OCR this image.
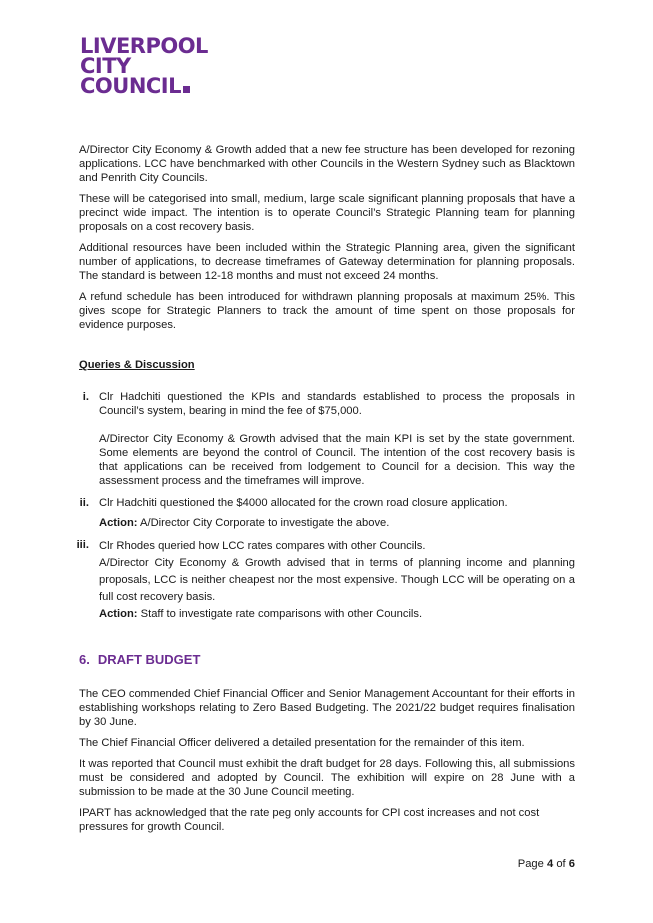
LIVERPOOL
CITY
COUNCIL

A/Director City Economy & Growth added that a new fee structure has been developed for rezoning applications. LCC have benchmarked with other Councils in the Western Sydney such as Blacktown and Penrith City Councils.

These will be categorised into small, medium, large scale significant planning proposals that have a precinct wide impact. The intention is to operate Council’s Strategic Planning team for planning proposals on a cost recovery basis.

Additional resources have been included within the Strategic Planning area, given the significant number of applications, to decrease timeframes of Gateway determination for planning proposals. The standard is between 12-18 months and must not exceed 24 months.

A refund schedule has been introduced for withdrawn planning proposals at maximum 25%. This gives scope for Strategic Planners to track the amount of time spent on those proposals for evidence purposes.

Queries & Discussion
i. Clr Hadchiti questioned the KPIs and standards established to process the proposals in Council’s system, bearing in mind the fee of $75,000.

A/Director City Economy & Growth advised that the main KPI is set by the state government. Some elements are beyond the control of Council. The intention of the cost recovery basis is that applications can be received from lodgement to Council for a decision. This way the assessment process and the timeframes will improve.

ii. Clr Hadchiti questioned the $4000 allocated for the crown road closure application.

Action: A/Director City Corporate to investigate the above.

iii. Clr Rhodes queried how LCC rates compares with other Councils.

A/Director City Economy & Growth advised that in terms of planning income and planning proposals, LCC is neither cheapest nor the most expensive. Though LCC will be operating on a full cost recovery basis.

Action: Staff to investigate rate comparisons with other Councils.

6. DRAFT BUDGET

The CEO commended Chief Financial Officer and Senior Management Accountant for their efforts in establishing workshops relating to Zero Based Budgeting. The 2021/22 budget requires finalisation by 30 June.

The Chief Financial Officer delivered a detailed presentation for the remainder of this item.

It was reported that Council must exhibit the draft budget for 28 days. Following this, all submissions must be considered and adopted by Council. The exhibition will expire on 28 June with a submission to be made at the 30 June Council meeting.

IPART has acknowledged that the rate peg only accounts for CPI cost increases and not cost pressures for growth Council.

Page 4 of 6
